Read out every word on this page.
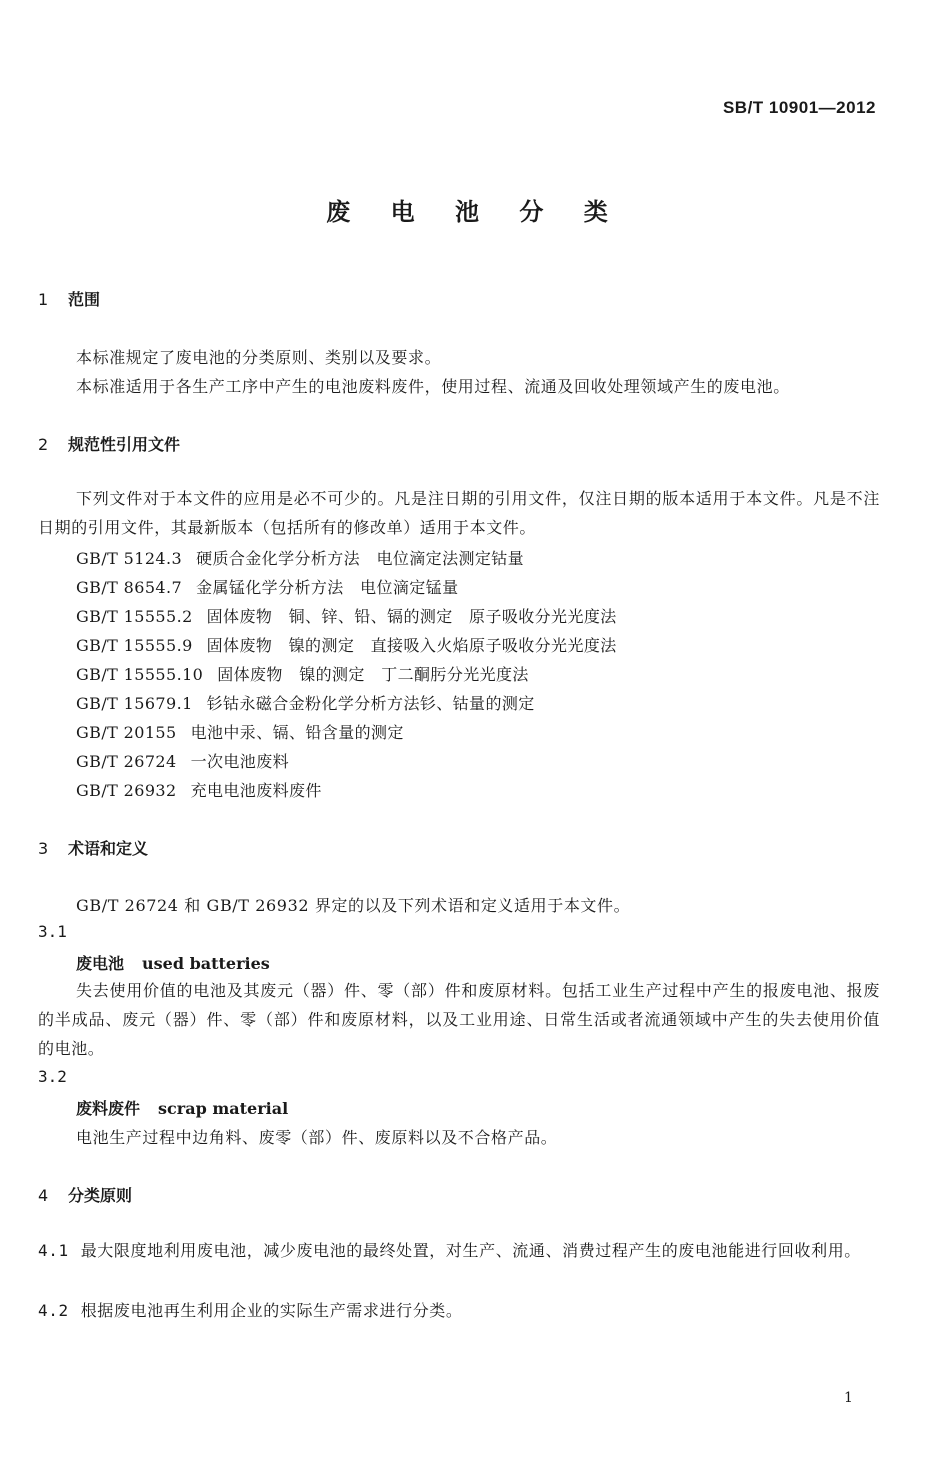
SB/T 10901—2012
废 电 池 分 类
1 范围
本标准规定了废电池的分类原则、类别以及要求。
本标准适用于各生产工序中产生的电池废料废件，使用过程、流通及回收处理领域产生的废电池。
2 规范性引用文件
下列文件对于本文件的应用是必不可少的。凡是注日期的引用文件，仅注日期的版本适用于本文件。凡是不注日期的引用文件，其最新版本（包括所有的修改单）适用于本文件。
GB/T 5124.3 硬质合金化学分析方法　电位滴定法测定钴量
GB/T 8654.7 金属锰化学分析方法　电位滴定锰量
GB/T 15555.2 固体废物　铜、锌、铅、镉的测定　原子吸收分光光度法
GB/T 15555.9 固体废物　镍的测定　直接吸入火焰原子吸收分光光度法
GB/T 15555.10 固体废物　镍的测定　丁二酮肟分光光度法
GB/T 15679.1 钐钴永磁合金粉化学分析方法钐、钴量的测定
GB/T 20155 电池中汞、镉、铅含量的测定
GB/T 26724 一次电池废料
GB/T 26932 充电电池废料废件
3 术语和定义
GB/T 26724 和 GB/T 26932 界定的以及下列术语和定义适用于本文件。
3.1
废电池 used batteries
失去使用价值的电池及其废元（器）件、零（部）件和废原材料。包括工业生产过程中产生的报废电池、报废的半成品、废元（器）件、零（部）件和废原材料，以及工业用途、日常生活或者流通领域中产生的失去使用价值的电池。
3.2
废料废件 scrap material
电池生产过程中边角料、废零（部）件、废原料以及不合格产品。
4 分类原则
4.1 最大限度地利用废电池，减少废电池的最终处置，对生产、流通、消费过程产生的废电池能进行回收利用。
4.2 根据废电池再生利用企业的实际生产需求进行分类。
1
